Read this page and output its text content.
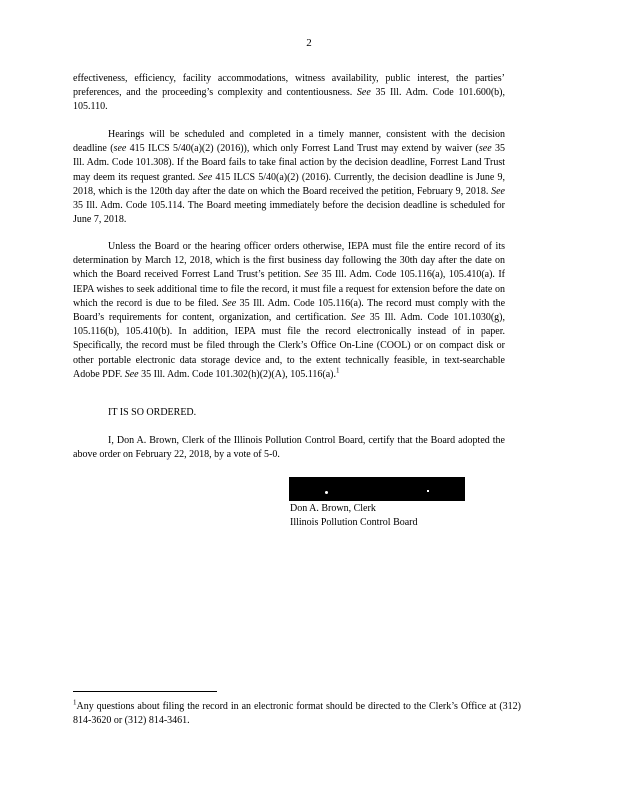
2

effectiveness, efficiency, facility accommodations, witness availability, public interest, the parties’ preferences, and the proceeding’s complexity and contentiousness. See 35 Ill. Adm. Code 101.600(b), 105.110.

Hearings will be scheduled and completed in a timely manner, consistent with the decision deadline (see 415 ILCS 5/40(a)(2) (2016)), which only Forrest Land Trust may extend by waiver (see 35 Ill. Adm. Code 101.308). If the Board fails to take final action by the decision deadline, Forrest Land Trust may deem its request granted. See 415 ILCS 5/40(a)(2) (2016). Currently, the decision deadline is June 9, 2018, which is the 120th day after the date on which the Board received the petition, February 9, 2018. See 35 Ill. Adm. Code 105.114. The Board meeting immediately before the decision deadline is scheduled for June 7, 2018.

Unless the Board or the hearing officer orders otherwise, IEPA must file the entire record of its determination by March 12, 2018, which is the first business day following the 30th day after the date on which the Board received Forrest Land Trust’s petition. See 35 Ill. Adm. Code 105.116(a), 105.410(a). If IEPA wishes to seek additional time to file the record, it must file a request for extension before the date on which the record is due to be filed. See 35 Ill. Adm. Code 105.116(a). The record must comply with the Board’s requirements for content, organization, and certification. See 35 Ill. Adm. Code 101.1030(g), 105.116(b), 105.410(b). In addition, IEPA must file the record electronically instead of in paper. Specifically, the record must be filed through the Clerk’s Office On-Line (COOL) or on compact disk or other portable electronic data storage device and, to the extent technically feasible, in text-searchable Adobe PDF. See 35 Ill. Adm. Code 101.302(h)(2)(A), 105.116(a).$^1$

IT IS SO ORDERED.

I, Don A. Brown, Clerk of the Illinois Pollution Control Board, certify that the Board adopted the above order on February 22, 2018, by a vote of 5-0.

Don A. Brown, Clerk
Illinois Pollution Control Board

$^1$Any questions about filing the record in an electronic format should be directed to the Clerk’s Office at (312) 814-3620 or (312) 814-3461.
